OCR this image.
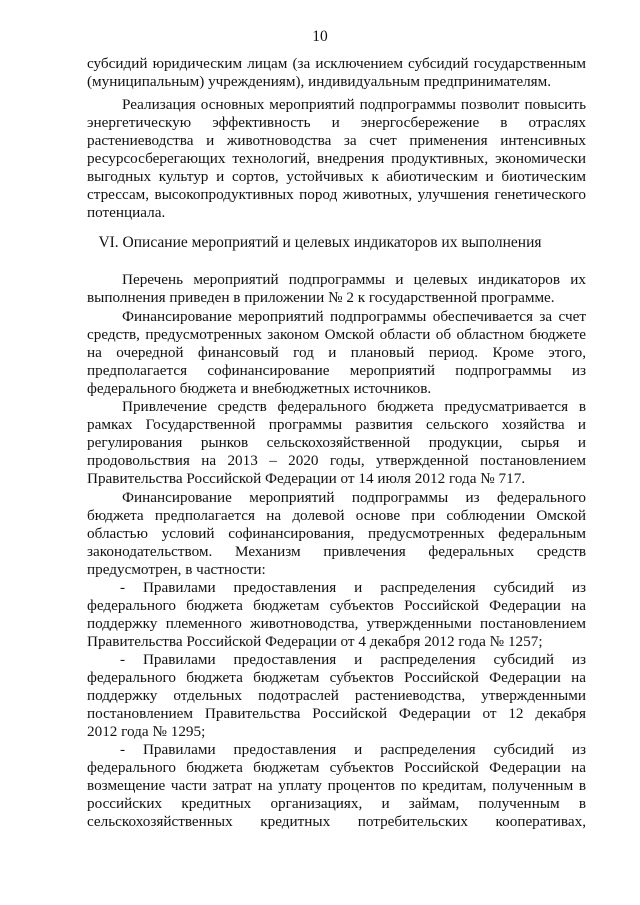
10
субсидий юридическим лицам (за исключением субсидий государственным
(муниципальным) учреждениям), индивидуальным предпринимателям.
Реализация основных мероприятий подпрограммы позволит повысить
энергетическую эффективность и энергосбережение в отраслях
растениеводства и животноводства за счет применения интенсивных
ресурсосберегающих технологий, внедрения продуктивных, экономически
выгодных культур и сортов, устойчивых к абиотическим и биотическим
стрессам, высокопродуктивных пород животных, улучшения генетического
потенциала.
VI. Описание мероприятий и целевых индикаторов их выполнения
Перечень мероприятий подпрограммы и целевых индикаторов их
выполнения приведен в приложении № 2 к государственной программе.
Финансирование мероприятий подпрограммы обеспечивается за счет
средств, предусмотренных законом Омской области об областном бюджете
на очередной финансовый год и плановый период. Кроме этого,
предполагается софинансирование мероприятий подпрограммы из
федерального бюджета и внебюджетных источников.
Привлечение средств федерального бюджета предусматривается в
рамках Государственной программы развития сельского хозяйства и
регулирования рынков сельскохозяйственной продукции, сырья и
продовольствия на 2013 – 2020 годы, утвержденной постановлением
Правительства Российской Федерации от 14 июля 2012 года № 717.
Финансирование мероприятий подпрограммы из федерального
бюджета предполагается на долевой основе при соблюдении Омской
областью условий софинансирования, предусмотренных федеральным
законодательством. Механизм привлечения федеральных средств
предусмотрен, в частности:
- Правилами предоставления и распределения субсидий из
федерального бюджета бюджетам субъектов Российской Федерации на
поддержку племенного животноводства, утвержденными постановлением
Правительства Российской Федерации от 4 декабря 2012 года № 1257;
- Правилами предоставления и распределения субсидий из
федерального бюджета бюджетам субъектов Российской Федерации на
поддержку отдельных подотраслей растениеводства, утвержденными
постановлением Правительства Российской Федерации от 12 декабря
2012 года № 1295;
- Правилами предоставления и распределения субсидий из
федерального бюджета бюджетам субъектов Российской Федерации на
возмещение части затрат на уплату процентов по кредитам, полученным в
российских кредитных организациях, и займам, полученным в
сельскохозяйственных кредитных потребительских кооперативах,
